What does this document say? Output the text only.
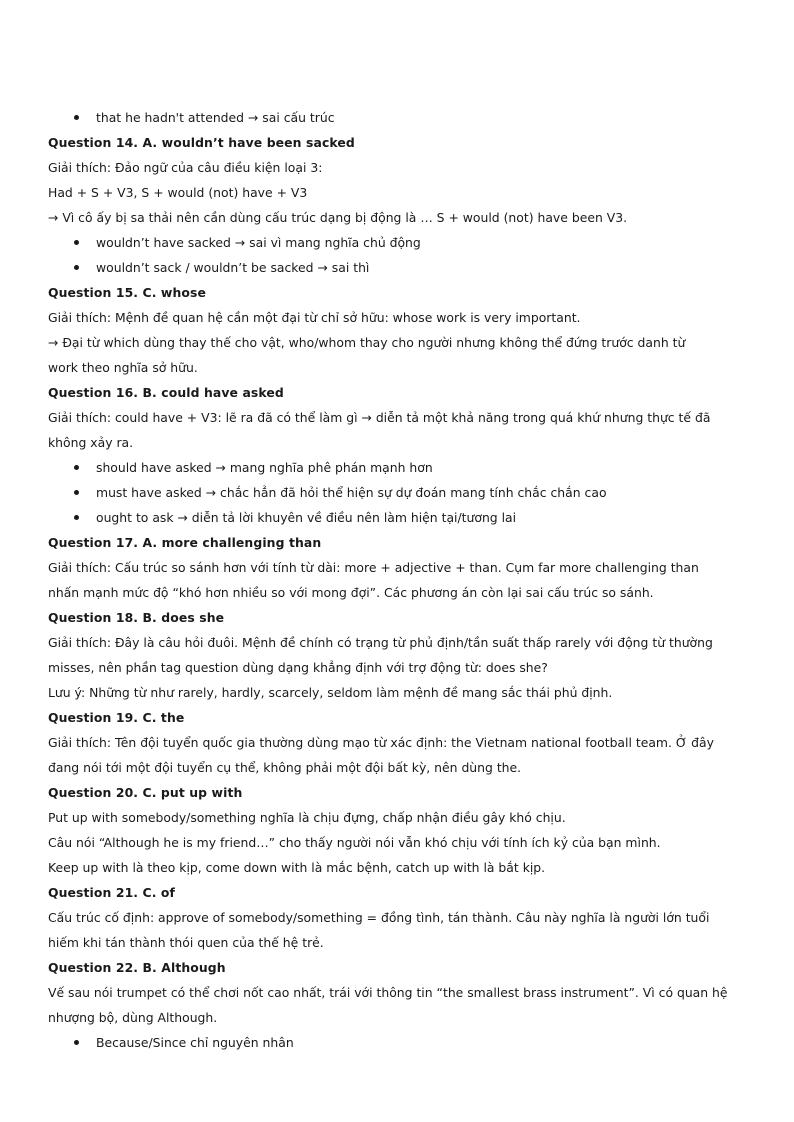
that he hadn't attended → sai cấu trúc
Question 14. A. wouldn’t have been sacked
Giải thích: Đảo ngữ của câu điều kiện loại 3:
Had + S + V3, S + would (not) have + V3
→ Vì cô ấy bị sa thải nên cần dùng cấu trúc dạng bị động là … S + would (not) have been V3.
wouldn’t have sacked → sai vì mang nghĩa chủ động
wouldn’t sack / wouldn’t be sacked → sai thì
Question 15. C. whose
Giải thích: Mệnh đề quan hệ cần một đại từ chỉ sở hữu: whose work is very important.
→ Đại từ which dùng thay thế cho vật, who/whom thay cho người nhưng không thể đứng trước danh từ
work theo nghĩa sở hữu.
Question 16. B. could have asked
Giải thích: could have + V3: lẽ ra đã có thể làm gì → diễn tả một khả năng trong quá khứ nhưng thực tế đã
không xảy ra.
should have asked → mang nghĩa phê phán mạnh hơn
must have asked → chắc hẳn đã hỏi thể hiện sự dự đoán mang tính chắc chắn cao
ought to ask → diễn tả lời khuyên về điều nên làm hiện tại/tương lai
Question 17. A. more challenging than
Giải thích: Cấu trúc so sánh hơn với tính từ dài: more + adjective + than. Cụm far more challenging than
nhấn mạnh mức độ “khó hơn nhiều so với mong đợi”. Các phương án còn lại sai cấu trúc so sánh.
Question 18. B. does she
Giải thích: Đây là câu hỏi đuôi. Mệnh đề chính có trạng từ phủ định/tần suất thấp rarely với động từ thường
misses, nên phần tag question dùng dạng khẳng định với trợ động từ: does she?
Lưu ý: Những từ như rarely, hardly, scarcely, seldom làm mệnh đề mang sắc thái phủ định.
Question 19. C. the
Giải thích: Tên đội tuyển quốc gia thường dùng mạo từ xác định: the Vietnam national football team. Ở đây
đang nói tới một đội tuyển cụ thể, không phải một đội bất kỳ, nên dùng the.
Question 20. C. put up with
Put up with somebody/something nghĩa là chịu đựng, chấp nhận điều gây khó chịu.
Câu nói “Although he is my friend…” cho thấy người nói vẫn khó chịu với tính ích kỷ của bạn mình.
Keep up with là theo kịp, come down with là mắc bệnh, catch up with là bắt kịp.
Question 21. C. of
Cấu trúc cố định: approve of somebody/something = đồng tình, tán thành. Câu này nghĩa là người lớn tuổi
hiếm khi tán thành thói quen của thế hệ trẻ.
Question 22. B. Although
Vế sau nói trumpet có thể chơi nốt cao nhất, trái với thông tin “the smallest brass instrument”. Vì có quan hệ
nhượng bộ, dùng Although.
Because/Since chỉ nguyên nhân
